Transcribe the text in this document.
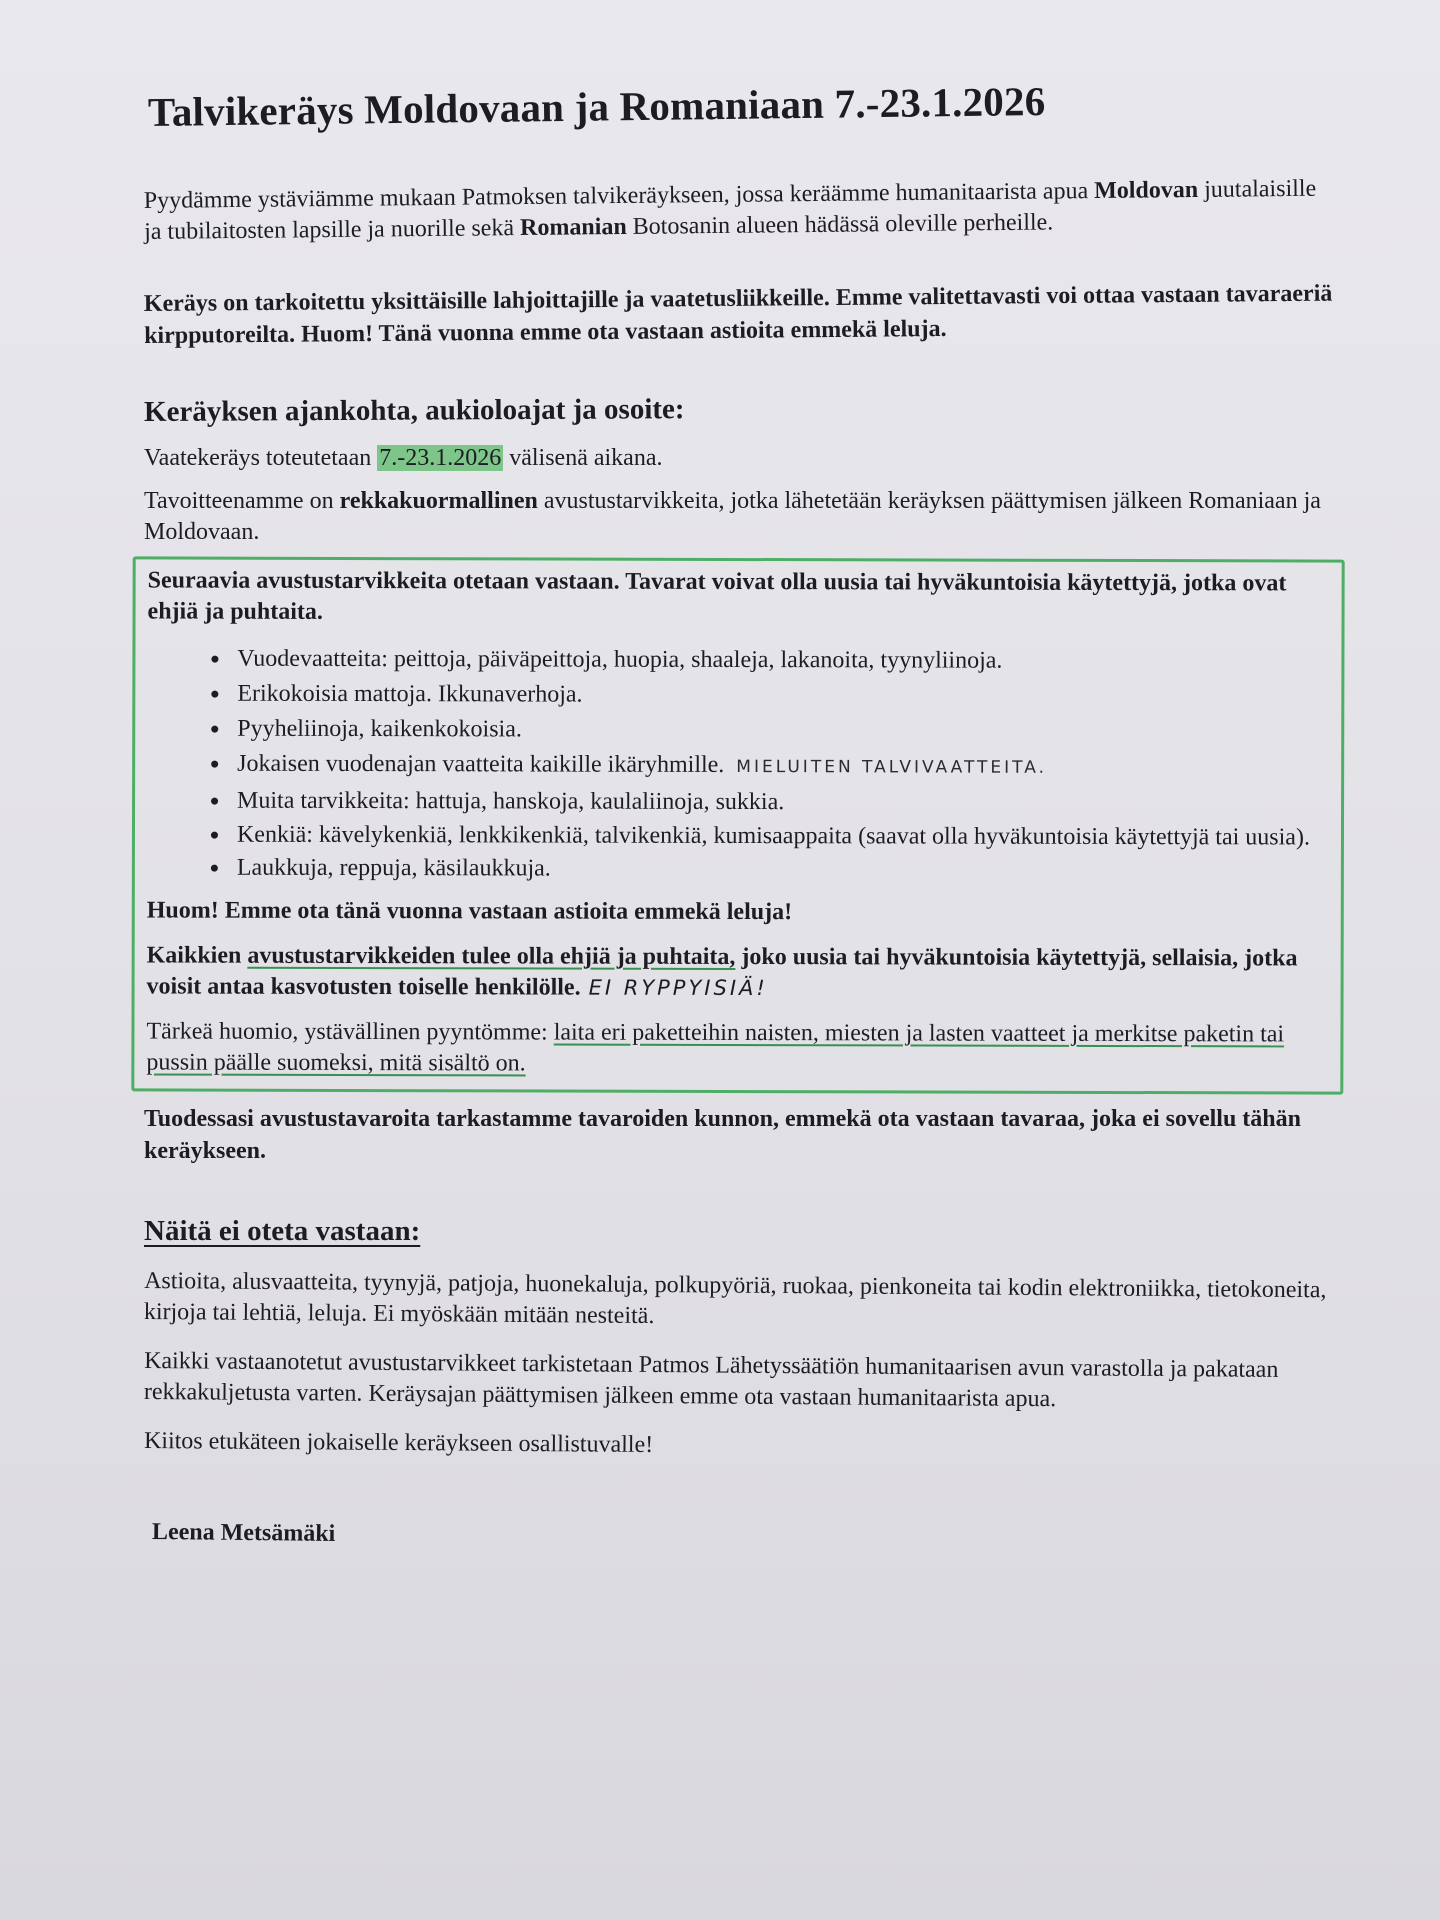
Talvikeräys Moldovaan ja Romaniaan 7.-23.1.2026

Pyydämme ystäviämme mukaan Patmoksen talvikeräykseen, jossa keräämme humanitaarista apua Moldovan juutalaisille ja tubilaitosten lapsille ja nuorille sekä Romanian Botosanin alueen hädässä oleville perheille.

Keräys on tarkoitettu yksittäisille lahjoittajille ja vaatetusliikkeille. Emme valitettavasti voi ottaa vastaan tavaraeriä kirpputoreilta. Huom! Tänä vuonna emme ota vastaan astioita emmekä leluja.

Keräyksen ajankohta, aukioloajat ja osoite:

Vaatekeräys toteutetaan 7.-23.1.2026 välisenä aikana.

Tavoitteenamme on rekkakuormallinen avustustarvikkeita, jotka lähetetään keräyksen päättymisen jälkeen Romaniaan ja Moldovaan.

Seuraavia avustustarvikkeita otetaan vastaan. Tavarat voivat olla uusia tai hyväkuntoisia käytettyjä, jotka ovat ehjiä ja puhtaita.

• Vuodevaatteita: peittoja, päiväpeittoja, huopia, shaaleja, lakanoita, tyynyliinoja.
• Erikokoisia mattoja. Ikkunaverhoja.
• Pyyheliinoja, kaikenkokoisia.
• Jokaisen vuodenajan vaatteita kaikille ikäryhmille. MIELUITEN TALVIVAATTEITA.
• Muita tarvikkeita: hattuja, hanskoja, kaulaliinoja, sukkia.
• Kenkiä: kävelykenkiä, lenkkikenkiä, talvikenkiä, kumisaappaita (saavat olla hyväkuntoisia käytettyjä tai uusia).
• Laukkuja, reppuja, käsilaukkuja.

Huom! Emme ota tänä vuonna vastaan astioita emmekä leluja!

Kaikkien avustustarvikkeiden tulee olla ehjiä ja puhtaita, joko uusia tai hyväkuntoisia käytettyjä, sellaisia, jotka voisit antaa kasvotusten toiselle henkilölle. EI RYPPYISIÄ!

Tärkeä huomio, ystävällinen pyyntömme: laita eri paketteihin naisten, miesten ja lasten vaatteet ja merkitse paketin tai pussin päälle suomeksi, mitä sisältö on.

Tuodessasi avustustavaroita tarkastamme tavaroiden kunnon, emmekä ota vastaan tavaraa, joka ei sovellu tähän keräykseen.

Näitä ei oteta vastaan:

Astioita, alusvaatteita, tyynyjä, patjoja, huonekaluja, polkupyöriä, ruokaa, pienkoneita tai kodin elektroniikka, tietokoneita, kirjoja tai lehtiä, leluja. Ei myöskään mitään nesteitä.

Kaikki vastaanotetut avustustarvikkeet tarkistetaan Patmos Lähetyssäätiön humanitaarisen avun varastolla ja pakataan rekkakuljetusta varten. Keräysajan päättymisen jälkeen emme ota vastaan humanitaarista apua.

Kiitos etukäteen jokaiselle keräykseen osallistuvalle!

Leena Metsämäki
